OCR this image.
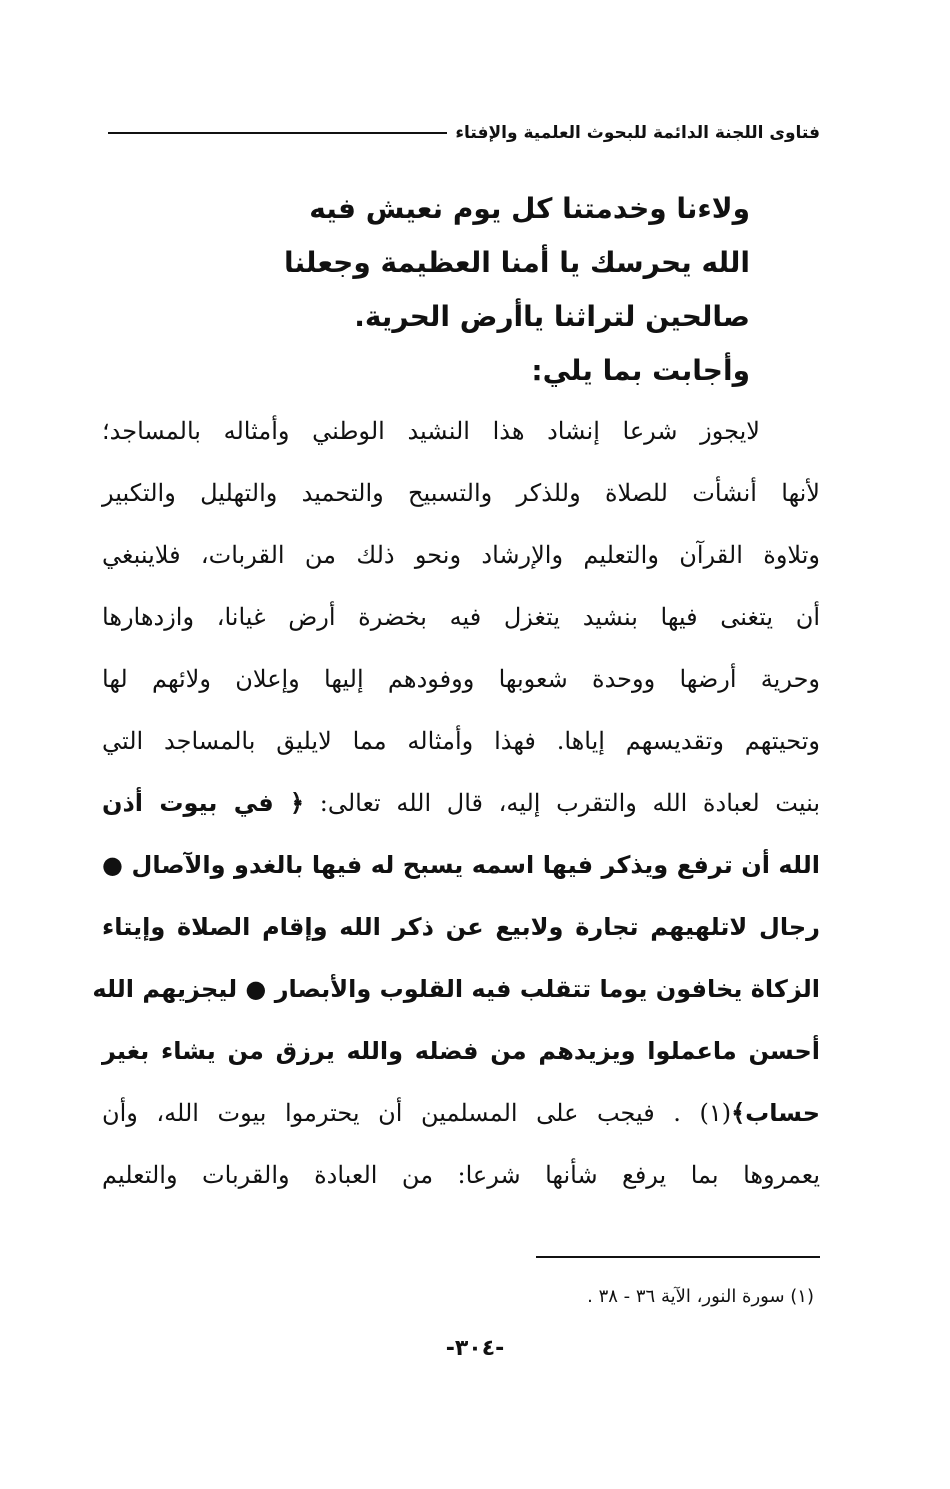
فتاوى اللجنة الدائمة للبحوث العلمية والإفتاء
ولاءنا وخدمتنا كل يوم نعيش فيه
الله يحرسك يا أمنا العظيمة وجعلنا
صالحين لتراثنا ياأرض الحرية.
وأجابت بما يلي:
لايجوز شرعا إنشاد هذا النشيد الوطني وأمثاله بالمساجد؛
لأنها أنشأت للصلاة وللذكر والتسبيح والتحميد والتهليل والتكبير
وتلاوة القرآن والتعليم والإرشاد ونحو ذلك من القربات، فلاينبغي
أن يتغنى فيها بنشيد يتغزل فيه بخضرة أرض غيانا، وازدهارها
وحرية أرضها ووحدة شعوبها ووفودهم إليها وإعلان ولائهم لها
وتحيتهم وتقديسهم إياها. فهذا وأمثاله مما لايليق بالمساجد التي
بنيت لعبادة الله والتقرب إليه، قال الله تعالى: ﴿ في بيوت أذن
الله أن ترفع ويذكر فيها اسمه يسبح له فيها بالغدو والآصال ●
رجال لاتلهيهم تجارة ولابيع عن ذكر الله وإقام الصلاة وإيتاء
الزكاة يخافون يوما تتقلب فيه القلوب والأبصار ● ليجزيهم الله
أحسن ماعملوا ويزيدهم من فضله والله يرزق من يشاء بغير
حساب﴾(١) . فيجب على المسلمين أن يحترموا بيوت الله، وأن
يعمروها بما يرفع شأنها شرعا: من العبادة والقربات والتعليم
(١) سورة النور، الآية ٣٦ - ٣٨ .
-٣٠٤-
